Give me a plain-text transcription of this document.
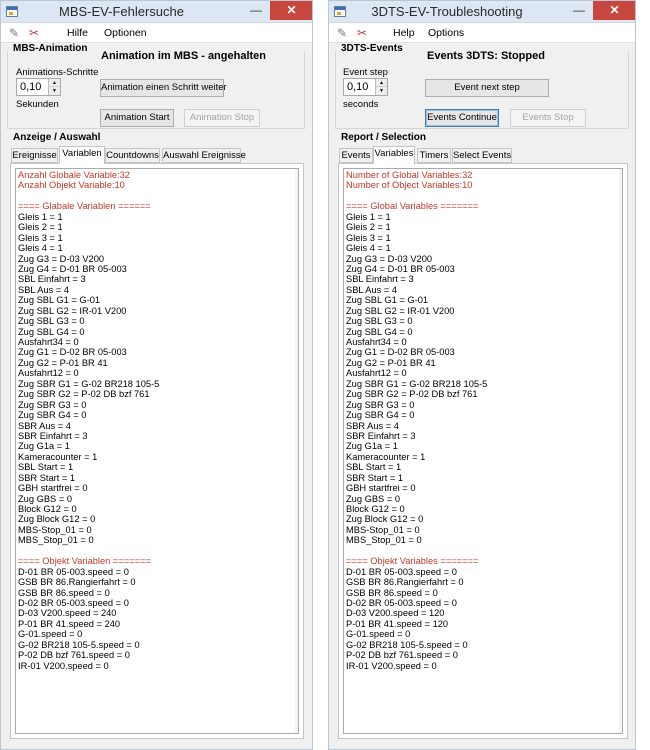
MBS-EV-Fehlersuche	—	✕
✎ ✂	Hilfe Optionen
MBS-Animation
Animation im MBS - angehalten
Animations-Schritte
0,10	▲
▼
Sekunden
Animation einen Schritt weiter
Animation Start	Animation Stop
Anzeige / Auswahl
Ereignisse Variablen Countdowns Auswahl Ereignisse
Anzahl Globale Variable:32
Anzahl Objekt Variable:10
==== Glabale Variablen ======
Gleis 1 = 1
Gleis 2 = 1
Gleis 3 = 1
Gleis 4 = 1
Zug G3 = D-03 V200
Zug G4 = D-01 BR 05-003
SBL Einfahrt = 3
SBL Aus = 4
Zug SBL G1 = G-01
Zug SBL G2 = IR-01 V200
Zug SBL G3 = 0
Zug SBL G4 = 0
Ausfahrt34 = 0
Zug G1 = D-02 BR 05-003
Zug G2 = P-01 BR 41
Ausfahrt12 = 0
Zug SBR G1 = G-02 BR218 105-5
Zug SBR G2 = P-02 DB bzf 761
Zug SBR G3 = 0
Zug SBR G4 = 0
SBR Aus = 4
SBR Einfahrt = 3
Zug G1a = 1
Kameracounter = 1
SBL Start = 1
SBR Start = 1
GBH startfrei = 0
Zug GBS = 0
Block G12 = 0
Zug Block G12 = 0
MBS-Stop_01 = 0
MBS_Stop_01 = 0
==== Objekt Variablen =======
D-01 BR 05-003.speed = 0
GSB BR 86.Rangierfahrt = 0
GSB BR 86.speed = 0
D-02 BR 05-003.speed = 0
D-03 V200.speed = 240
P-01 BR 41.speed = 240
G-01.speed = 0
G-02 BR218 105-5.speed = 0
P-02 DB bzf 761.speed = 0
IR-01 V200.speed = 0
3DTS-EV-Troubleshooting	—	✕
✎ ✂ Help Options
3DTS-Events
Events 3DTS: Stopped
Event step
0,10	▲
▼
seconds
Event next step
Events Continue	Events Stop
Report / Selection
Events Variables Timers Select Events
Number of Global Variables:32
Number of Object Variables:10
==== Global Variables =======
Gleis 1 = 1
Gleis 2 = 1
Gleis 3 = 1
Gleis 4 = 1
Zug G3 = D-03 V200
Zug G4 = D-01 BR 05-003
SBL Einfahrt = 3
SBL Aus = 4
Zug SBL G1 = G-01
Zug SBL G2 = IR-01 V200
Zug SBL G3 = 0
Zug SBL G4 = 0
Ausfahrt34 = 0
Zug G1 = D-02 BR 05-003
Zug G2 = P-01 BR 41
Ausfahrt12 = 0
Zug SBR G1 = G-02 BR218 105-5
Zug SBR G2 = P-02 DB bzf 761
Zug SBR G3 = 0
Zug SBR G4 = 0
SBR Aus = 4
SBR Einfahrt = 3
Zug G1a = 1
Kameracounter = 1
SBL Start = 1
SBR Start = 1
GBH startfrei = 0
Zug GBS = 0
Block G12 = 0
Zug Block G12 = 0
MBS-Stop_01 = 0
MBS_Stop_01 = 0
==== Objekt Variables =======
D-01 BR 05-003.speed = 0
GSB BR 86.Rangierfahrt = 0
GSB BR 86.speed = 0
D-02 BR 05-003.speed = 0
D-03 V200.speed = 120
P-01 BR 41.speed = 120
G-01.speed = 0
G-02 BR218 105-5.speed = 0
P-02 DB bzf 761.speed = 0
IR-01 V200.speed = 0
